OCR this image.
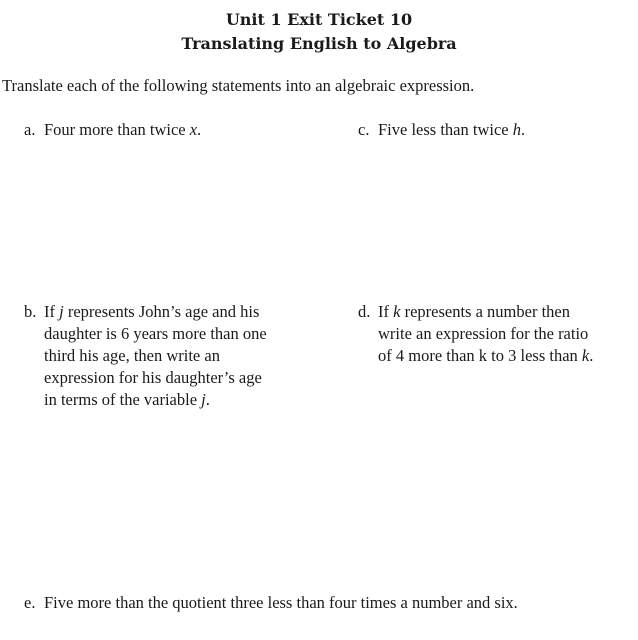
Unit 1 Exit Ticket 10
Translating English to Algebra
Translate each of the following statements into an algebraic expression.
a. Four more than twice x.	c. Five less than twice h.
b. If j represents John’s age and his
daughter is 6 years more than one
third his age, then write an
expression for his daughter’s age
in terms of the variable j.
d. If k represents a number then
write an expression for the ratio
of 4 more than k to 3 less than k.
e. Five more than the quotient three less than four times a number and six.
